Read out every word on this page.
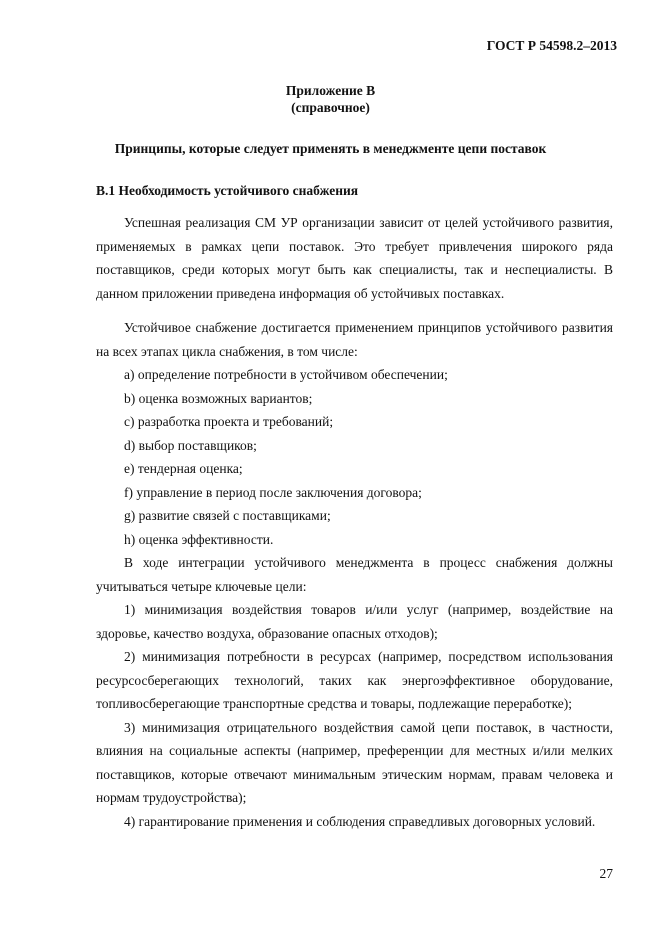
ГОСТ Р 54598.2–2013
Приложение В
(справочное)
Принципы, которые следует применять в менеджменте цепи поставок
В.1 Необходимость устойчивого снабжения

Успешная реализация СМ УР организации зависит от целей устойчивого развития, применяемых в рамках цепи поставок. Это требует привлечения широкого ряда поставщиков, среди которых могут быть как специалисты, так и неспециалисты. В данном приложении приведена информация об устойчивых поставках.

Устойчивое снабжение достигается применением принципов устойчивого развития на всех этапах цикла снабжения, в том числе:

a) определение потребности в устойчивом обеспечении;
b) оценка возможных вариантов;
c) разработка проекта и требований;
d) выбор поставщиков;
e) тендерная оценка;
f) управление в период после заключения договора;
g) развитие связей с поставщиками;
h) оценка эффективности.

В ходе интеграции устойчивого менеджмента в процесс снабжения должны учитываться четыре ключевые цели:

1) минимизация воздействия товаров и/или услуг (например, воздействие на здоровье, качество воздуха, образование опасных отходов);

2) минимизация потребности в ресурсах (например, посредством использования ресурсосберегающих технологий, таких как энергоэффективное оборудование, топливосберегающие транспортные средства и товары, подлежащие переработке);

3) минимизация отрицательного воздействия самой цепи поставок, в частности, влияния на социальные аспекты (например, преференции для местных и/или мелких поставщиков, которые отвечают минимальным этическим нормам, правам человека и нормам трудоустройства);

4) гарантирование применения и соблюдения справедливых договорных условий.

27
